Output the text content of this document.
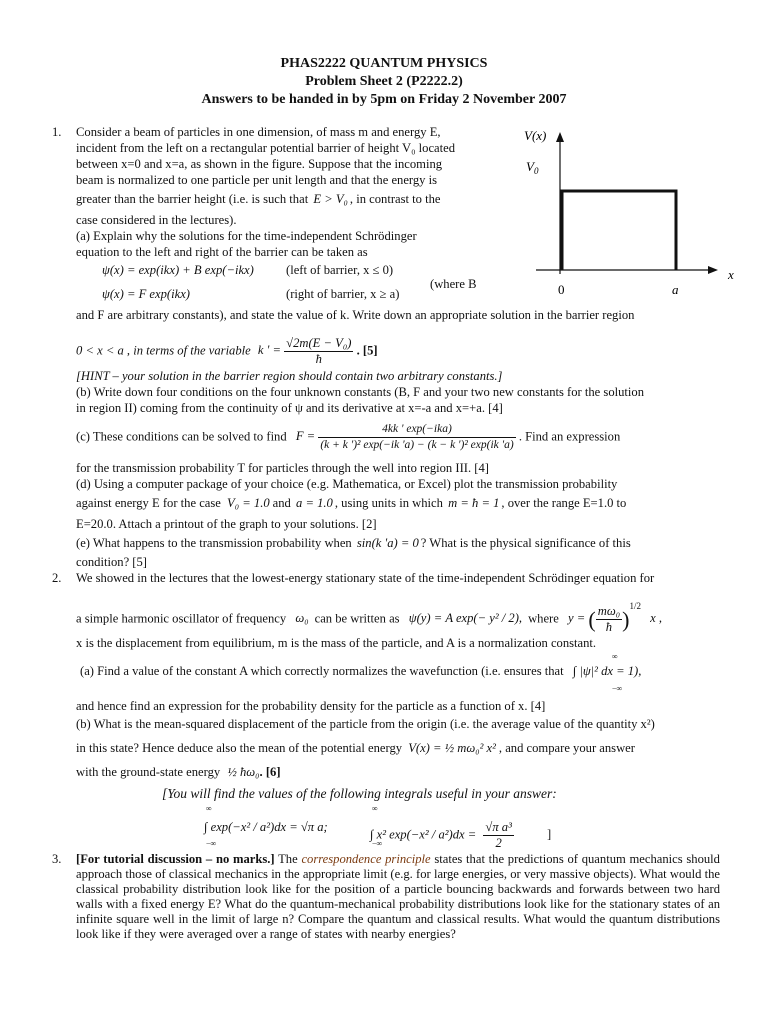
PHAS2222 QUANTUM PHYSICS
Problem Sheet 2 (P2222.2)
Answers to be handed in by 5pm on Friday 2 November 2007
V(x)
$V_0$
0	a
x
1. Consider a beam of particles in one dimension, of mass m and energy E,
incident from the left on a rectangular potential barrier of height V₀ located
between x=0 and x=a, as shown in the figure. Suppose that the incoming
beam is normalized to one particle per unit length and that the energy is
greater than the barrier height (i.e. is such that E > V₀ , in contrast to the
case considered in the lectures).
(a) Explain why the solutions for the time-independent Schrödinger
equation to the left and right of the barrier can be taken as
ψ(x) = exp(ikx) + B exp(−ikx)	(left of barrier, x ≤ 0)
ψ(x) = F exp(ikx)	(right of barrier, x ≥ a)
(where B
and F are arbitrary constants), and state the value of k. Write down an appropriate solution in the barrier region
0 < x < a , in terms of the variable k ' = $\frac{\text{√2m(E − V₀)}}{ħ}$ . [5]
[HINT – your solution in the barrier region should contain two arbitrary constants.]
(b) Write down four conditions on the four unknown constants (B, F and your two new constants for the solution
in region II) coming from the continuity of ψ and its derivative at x=-a and x=+a. [4]
(c) These conditions can be solved to find $F = \frac{\text{4kk ' exp(−ika)}}{\text{(k + k ')² exp(−ik 'a) − (k − k ')² exp(ik 'a)}}$ . Find an expression
for the transmission probability T for particles through the well into region III. [4]
(d) Using a computer package of your choice (e.g. Mathematica, or Excel) plot the transmission probability
against energy E for the case V₀ = 1.0 and a = 1.0 , using units in which m = ħ = 1 , over the range E=1.0 to
E=20.0. Attach a printout of the graph to your solutions. [2]
(e) What happens to the transmission probability when sin(k 'a) = 0 ? What is the physical significance of this
condition? [5]
2. We showed in the lectures that the lowest-energy stationary state of the time-independent Schrödinger equation for
a simple harmonic oscillator of frequency ω₀ can be written as ψ(y) = A exp(− y² / 2), where y = ( $\frac{\text{mω₀}}{ħ} )^{1/2}$ x ,
x is the displacement from equilibrium, m is the mass of the particle, and A is a normalization constant.
(a) Find a value of the constant A which correctly normalizes the wavefunction (i.e. ensures that ∫ |ψ|² dx = 1),
∞
−∞
and hence find an expression for the probability density for the particle as a function of x. [4]
(b) What is the mean-squared displacement of the particle from the origin (i.e. the average value of the quantity x²)
in this state? Hence deduce also the mean of the potential energy V(x) = ½ mω₀² x² , and compare your answer
with the ground-state energy ½ ħω₀. [6]
[You will find the values of the following integrals useful in your answer:
∞
∫ exp(−x² / a²)dx = √π a;
−∞
∞
∫ x² $\exp(-x^2 / a^2)dx = \frac{\text{√π a³}}{2}$	]
−∞
3. [For tutorial discussion – no marks.] The correspondence principle states that the predictions of quantum mechanics should approach those of classical mechanics in the appropriate limit (e.g. for large energies, or very massive objects). What would the classical probability distribution look like for the position of a particle bouncing backwards and forwards between two hard walls with a fixed energy E? What do the quantum-mechanical probability distributions look like for the stationary states of an infinite square well in the limit of large n? Compare the quantum and classical results. What would the quantum distributions look like if they were averaged over a range of states with nearby energies?
